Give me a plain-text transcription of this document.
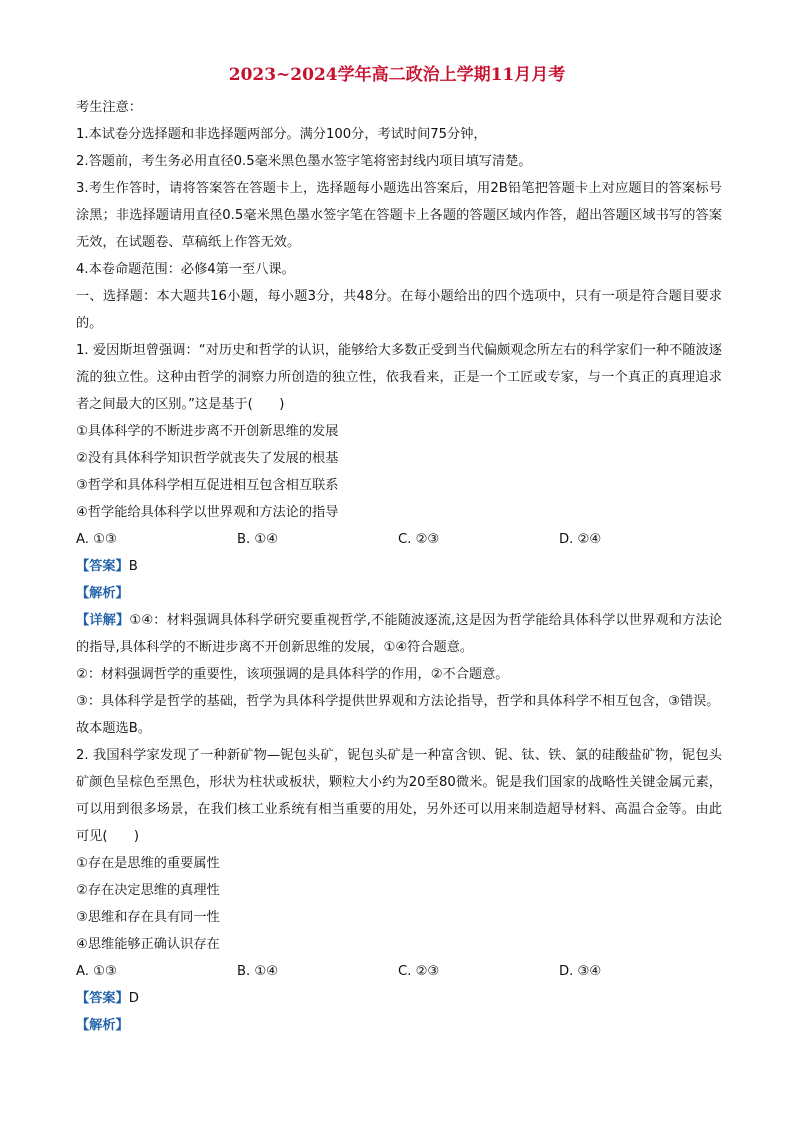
2023~2024学年高二政治上学期11月月考

考生注意：

1.本试卷分选择题和非选择题两部分。满分100分，考试时间75分钟，

2.答题前，考生务必用直径0.5毫米黑色墨水签字笔将密封线内项目填写清楚。

3.考生作答时，请将答案答在答题卡上，选择题每小题选出答案后，用2B铅笔把答题卡上对应题目的答案标号涂黑；非选择题请用直径0.5毫米黑色墨水签字笔在答题卡上各题的答题区域内作答，超出答题区域书写的答案无效，在试题卷、草稿纸上作答无效。

4.本卷命题范围：必修4第一至八课。

一、选择题：本大题共16小题，每小题3分，共48分。在每小题给出的四个选项中，只有一项是符合题目要求的。

1. 爱因斯坦曾强调：“对历史和哲学的认识，能够给大多数正受到当代偏颇观念所左右的科学家们一种不随波逐流的独立性。这种由哲学的洞察力所创造的独立性，依我看来，正是一个工匠或专家，与一个真正的真理追求者之间最大的区别。”这是基于(　　)

①具体科学的不断进步离不开创新思维的发展

②没有具体科学知识哲学就丧失了发展的根基

③哲学和具体科学相互促进相互包含相互联系

④哲学能给具体科学以世界观和方法论的指导

A. ①③	B. ①④	C. ②③	D. ②④

【答案】B

【解析】

【详解】①④：材料强调具体科学研究要重视哲学,不能随波逐流,这是因为哲学能给具体科学以世界观和方法论的指导,具体科学的不断进步离不开创新思维的发展，①④符合题意。

②：材料强调哲学的重要性，该项强调的是具体科学的作用，②不合题意。

③：具体科学是哲学的基础，哲学为具体科学提供世界观和方法论指导，哲学和具体科学不相互包含，③错误。

故本题选B。

2. 我国科学家发现了一种新矿物—铌包头矿，铌包头矿是一种富含钡、铌、钛、铁、氯的硅酸盐矿物，铌包头矿颜色呈棕色至黑色，形状为柱状或板状，颗粒大小约为20至80微米。铌是我们国家的战略性关键金属元素，可以用到很多场景，在我们核工业系统有相当重要的用处，另外还可以用来制造超导材料、高温合金等。由此可见(　　)

①存在是思维的重要属性

②存在决定思维的真理性

③思维和存在具有同一性

④思维能够正确认识存在

A. ①③	B. ①④	C. ②③	D. ③④

【答案】D

【解析】
